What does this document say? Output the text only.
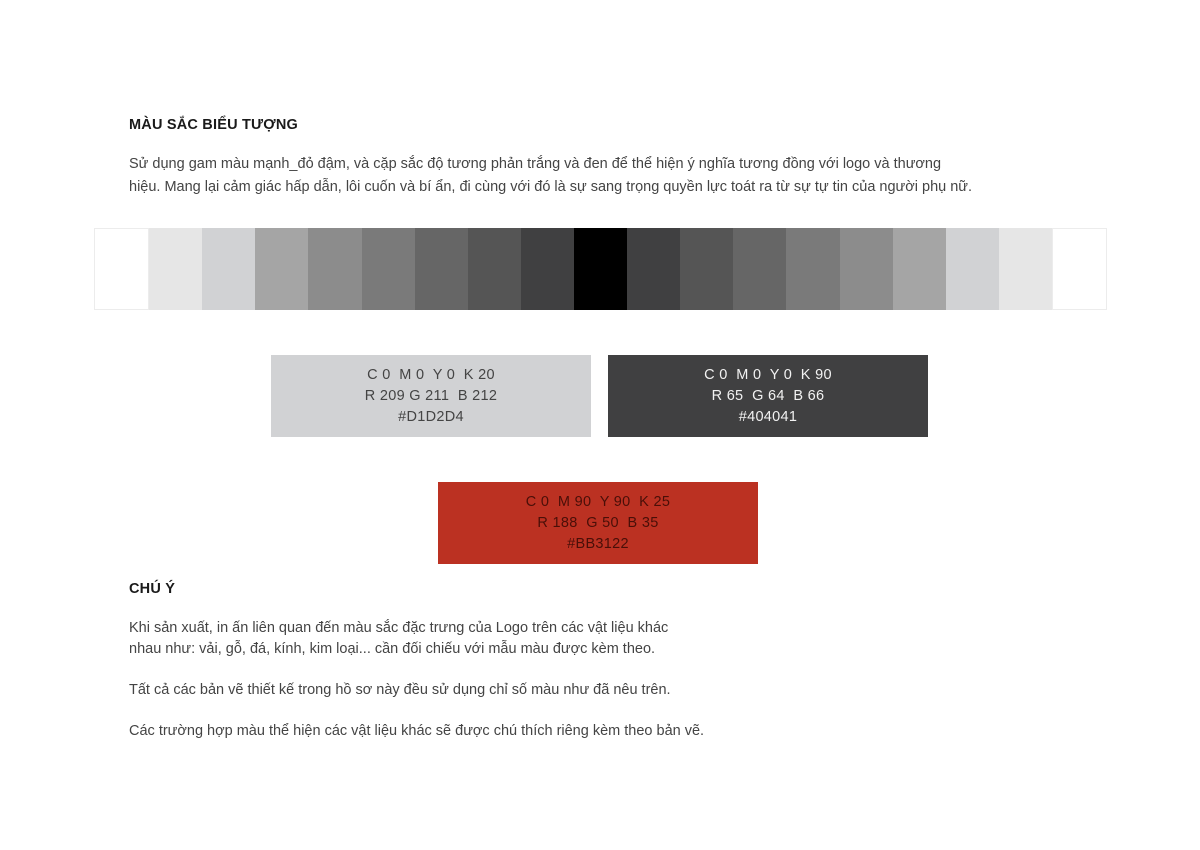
MÀU SẮC BIỂU TƯỢNG
Sử dụng gam màu mạnh_đỏ đậm, và cặp sắc độ tương phản trắng và đen để thể hiện ý nghĩa tương đồng với logo và thương
hiệu. Mang lại cảm giác hấp dẫn, lôi cuốn và bí ẩn, đi cùng với đó là sự sang trọng quyền lực toát ra từ sự tự tin của người phụ nữ.
C 0  M 0  Y 0  K 20
R 209 G 211  B 212
#D1D2D4
C 0  M 0  Y 0  K 90
R 65  G 64  B 66
#404041
C 0  M 90  Y 90  K 25
R 188  G 50  B 35
#BB3122
CHÚ Ý
Khi sản xuất, in ấn liên quan đến màu sắc đặc trưng của Logo trên các vật liệu khác
nhau như: vải, gỗ, đá, kính, kim loại... cần đối chiếu với mẫu màu được kèm theo.
Tất cả các bản vẽ thiết kế trong hồ sơ này đều sử dụng chỉ số màu như đã nêu trên.
Các trường hợp màu thể hiện các vật liệu khác sẽ được chú thích riêng kèm theo bản vẽ.
